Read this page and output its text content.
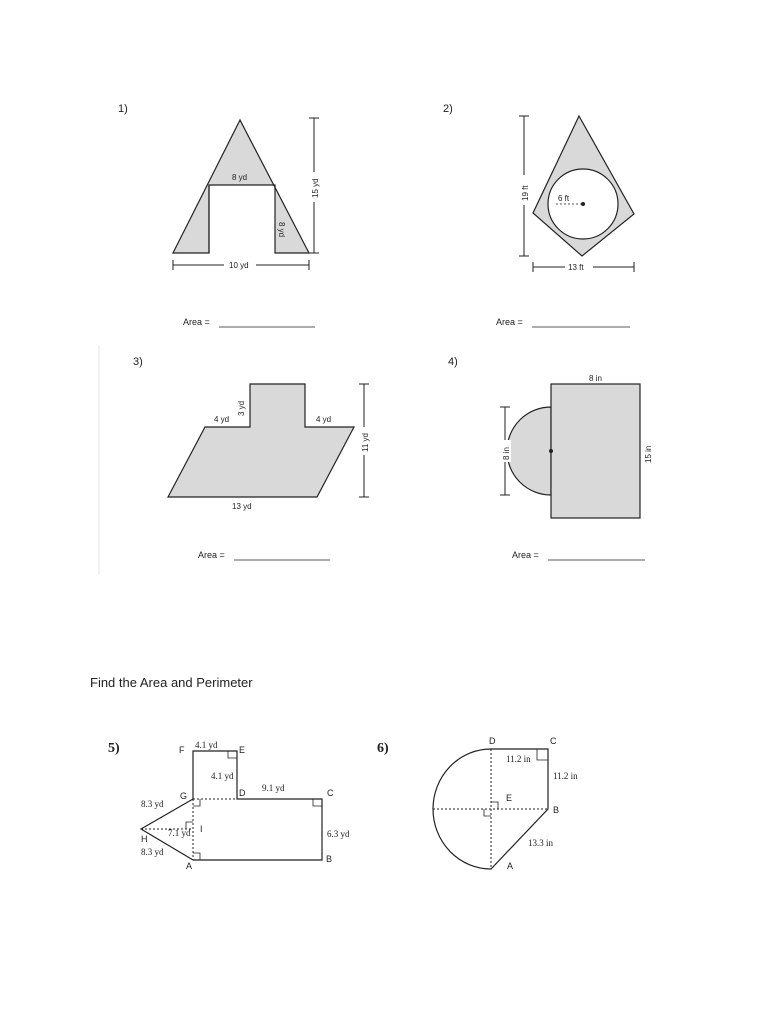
1)
8 yd
8 yd
15 yd
10 yd
Area =
2)
6 ft
19 ft
13 ft
Area =
3)
3 yd
4 yd	4 yd
11 yd
13 yd
Area =
4)
8 in
8 in	15 in
Area =
5)	4.1 yd
4.1 yd
9.1 yd
6.3 yd
8.3 yd
8.3 yd
7.1 yd
A
B
C
D
E
F
G
H
I
6)
11.2 in
11.2 in
13.3 in
A
B
C
D
E
Find the Area and Perimeter
